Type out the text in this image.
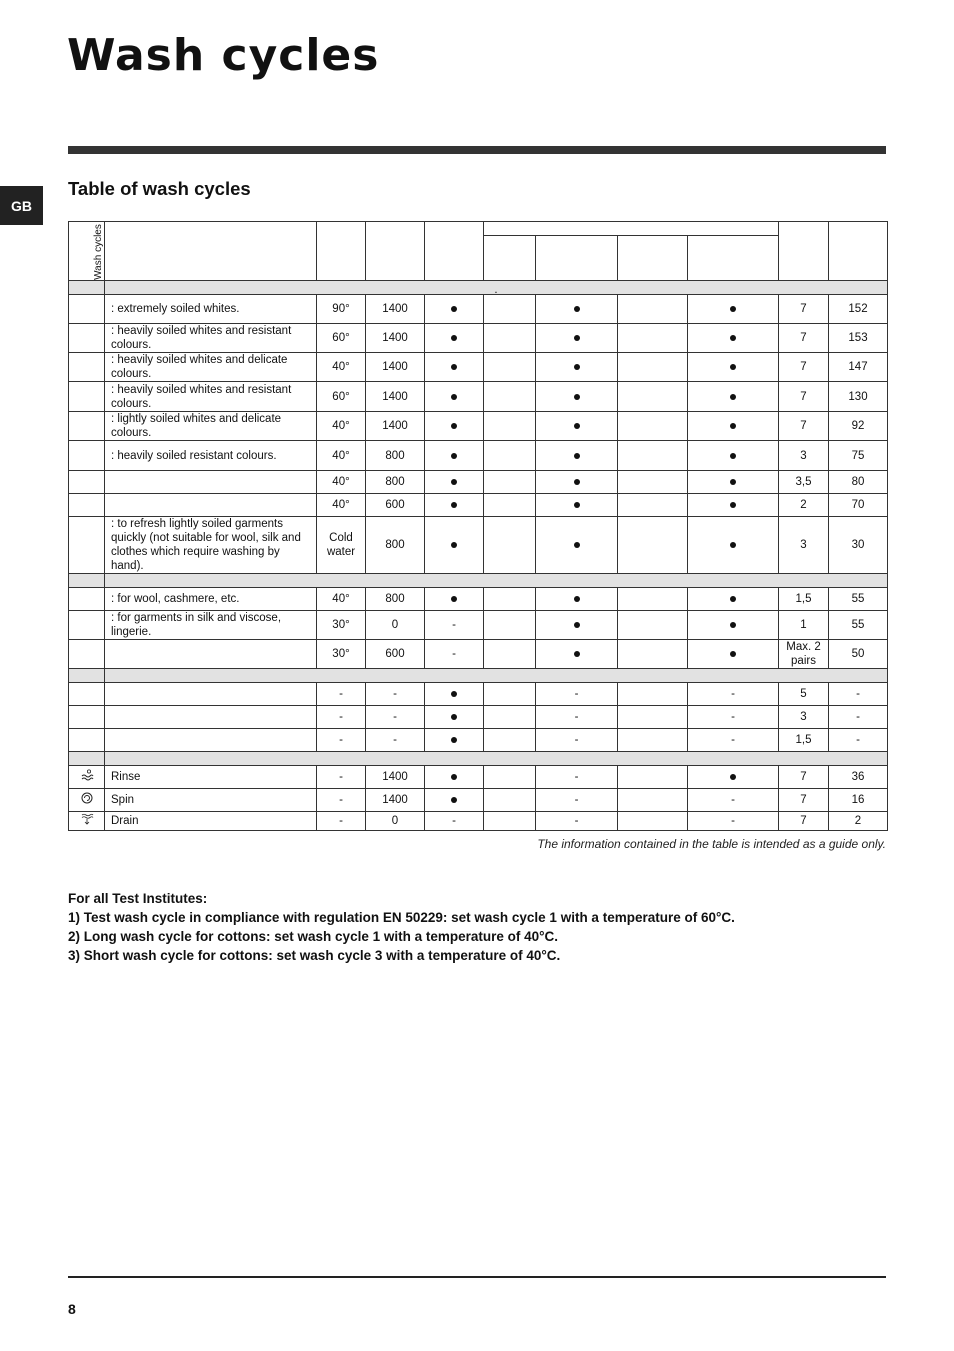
Wash cycles
GB
Table of wash cycles
Wash cycles										

	.									
	: extremely soiled whites.	90°	1400						7	152
	: heavily soiled whites and resistant colours.	60°	1400						7	153
	: heavily soiled whites and delicate colours.	40°	1400						7	147
	: heavily soiled whites and resistant colours.	60°	1400						7	130
	: lightly soiled whites and delicate colours.	40°	1400						7	92
	: heavily soiled resistant colours.	40°	800						3	75
		40°	800						3,5	80
		40°	600						2	70
	: to refresh lightly soiled garments quickly (not suitable for wool, silk and clothes which require washing by hand).	Cold water	800						3	30

	: for wool, cashmere, etc.	40°	800						1,5	55
	: for garments in silk and viscose, lingerie.	30°	0	-					1	55
		30°	600	-					Max. 2 pairs	50

		-	-			-		-	5	-
		-	-			-		-	3	-
		-	-			-		-	1,5	-

	Rinse	-	1400			-			7	36
	Spin	-	1400			-		-	7	16
	Drain	-	0	-		-		-	7	2

The information contained in the table is intended as a guide only.

For all Test Institutes:

1) Test wash cycle in compliance with regulation EN 50229: set wash cycle 1 with a temperature of 60°C.

2) Long wash cycle for cottons: set wash cycle 1 with a temperature of 40°C.

3) Short wash cycle for cottons: set wash cycle 3 with a temperature of 40°C.

8
